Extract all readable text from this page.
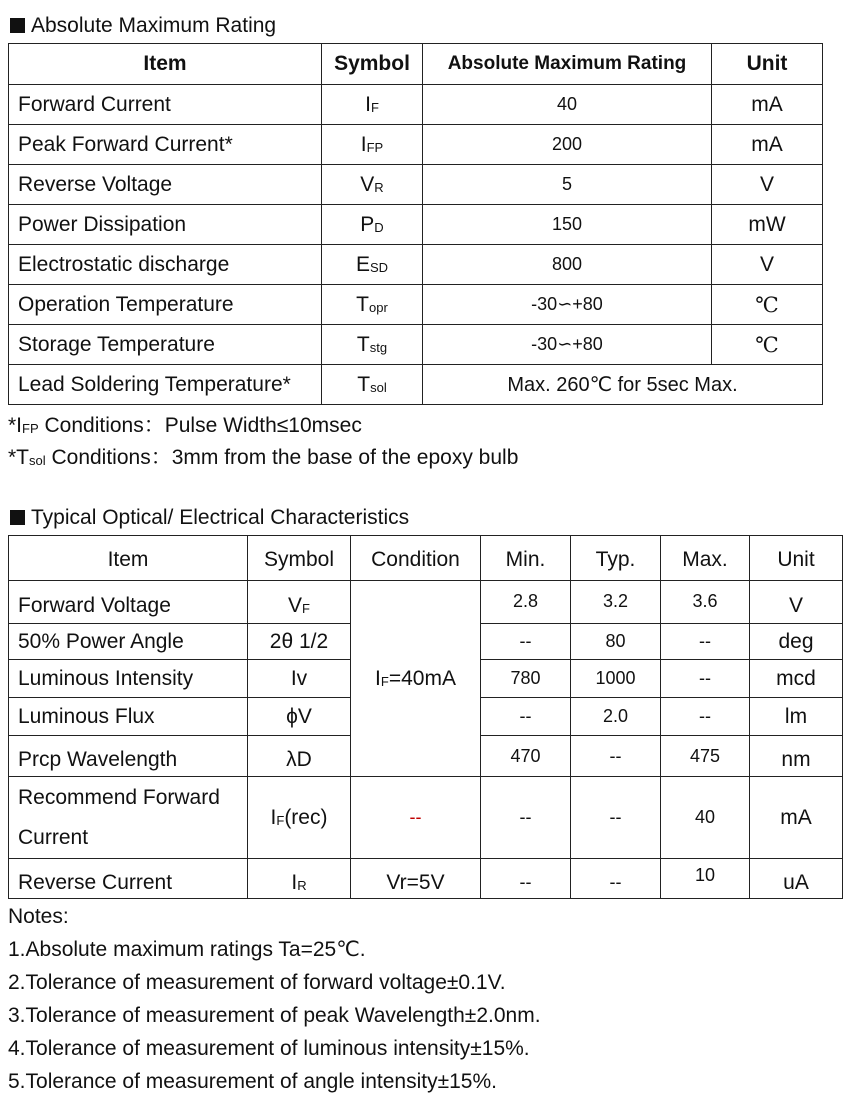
Absolute Maximum Rating
Item	Symbol	Absolute Maximum Rating	Unit
Forward Current	IF	40	mA
Peak Forward Current*	IFP	200	mA
Reverse Voltage	VR	5	V
Power Dissipation	PD	150	mW
Electrostatic discharge	ESD	800	V
Operation Temperature	Topr	-30∽+80	℃
Storage Temperature	Tstg	-30∽+80	℃
Lead Soldering Temperature*	Tsol	Max. 260℃ for 5sec Max.	
*IFP Conditions：Pulse Width≤10msec
*Tsol Conditions：3mm from the base of the epoxy bulb
Typical Optical/ Electrical Characteristics
Item	Symbol	Condition	Min.	Typ.	Max.	Unit
Forward Voltage	VF	IF=40mA	2.8	3.2	3.6	V
50% Power Angle	2θ 1/2		--	80	--	deg
Luminous Intensity	Iv		780	1000	--	mcd
Luminous Flux	ϕV		--	2.0	--	lm
Prcp Wavelength	λD		470	--	475	nm
Recommend Forward
Current	IF(rec)	--	--	--	40	mA
Reverse Current	IR	Vr=5V	--	--	10	uA
Notes:
1.Absolute maximum ratings Ta=25℃.
2.Tolerance of measurement of forward voltage±0.1V.
3.Tolerance of measurement of peak Wavelength±2.0nm.
4.Tolerance of measurement of luminous intensity±15%.
5.Tolerance of measurement of angle intensity±15%.
